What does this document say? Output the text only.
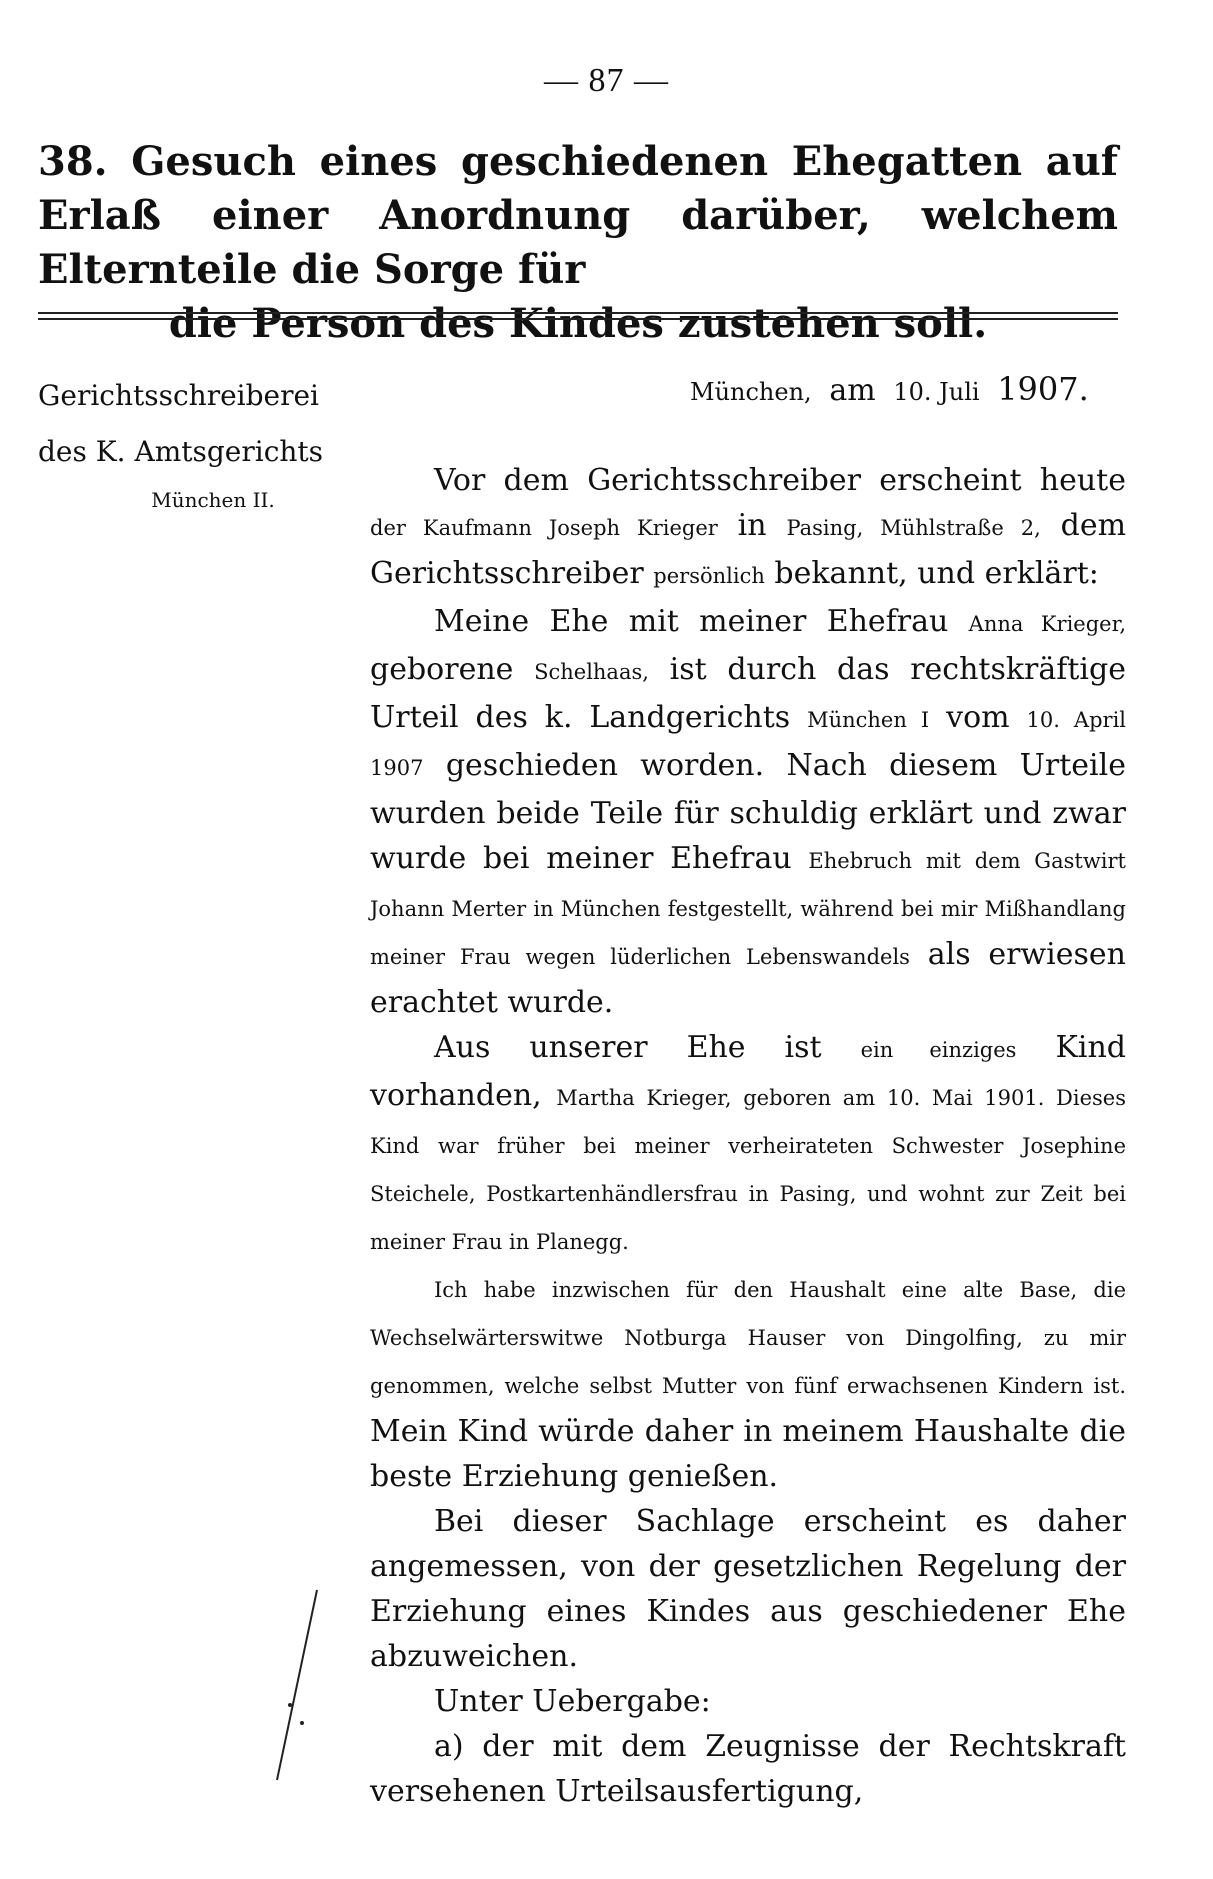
— 87 —
38. Gesuch eines geschiedenen Ehegatten auf Erlaß einer Anordnung darüber, welchem Elternteile die Sorge für
die Person des Kindes zustehen soll.
Gerichtsschreiberei
des K. Amtsgerichts
München II.
München, am 10. Juli 1907.

Vor dem Gerichtsschreiber erscheint heute der Kaufmann Joseph Krieger in Pasing, Mühlstraße 2, dem Gerichtsschreiber persönlich bekannt, und erklärt:

Meine Ehe mit meiner Ehefrau Anna Krieger, geborene Schelhaas, ist durch das rechtskräftige Urteil des k. Landgerichts München I vom 10. April 1907 geschieden worden. Nach diesem Urteile wurden beide Teile für schuldig erklärt und zwar wurde bei meiner Ehefrau Ehebruch mit dem Gastwirt Johann Merter in München festgestellt, während bei mir Mißhandlang meiner Frau wegen lüderlichen Lebenswandels als erwiesen erachtet wurde.

Aus unserer Ehe ist ein einziges Kind vorhanden, Martha Krieger, geboren am 10. Mai 1901. Dieses Kind war früher bei meiner verheirateten Schwester Josephine Steichele, Postkartenhändlersfrau in Pasing, und wohnt zur Zeit bei meiner Frau in Planegg.

Ich habe inzwischen für den Haushalt eine alte Base, die Wechselwärterswitwe Notburga Hauser von Dingolfing, zu mir genommen, welche selbst Mutter von fünf erwachsenen Kindern ist. Mein Kind würde daher in meinem Haushalte die beste Erziehung genießen.

Bei dieser Sachlage erscheint es daher angemessen, von der gesetzlichen Regelung der Erziehung eines Kindes aus geschiedener Ehe abzuweichen.

Unter Uebergabe:

a) der mit dem Zeugnisse der Rechtskraft versehenen Urteilsausfertigung,
